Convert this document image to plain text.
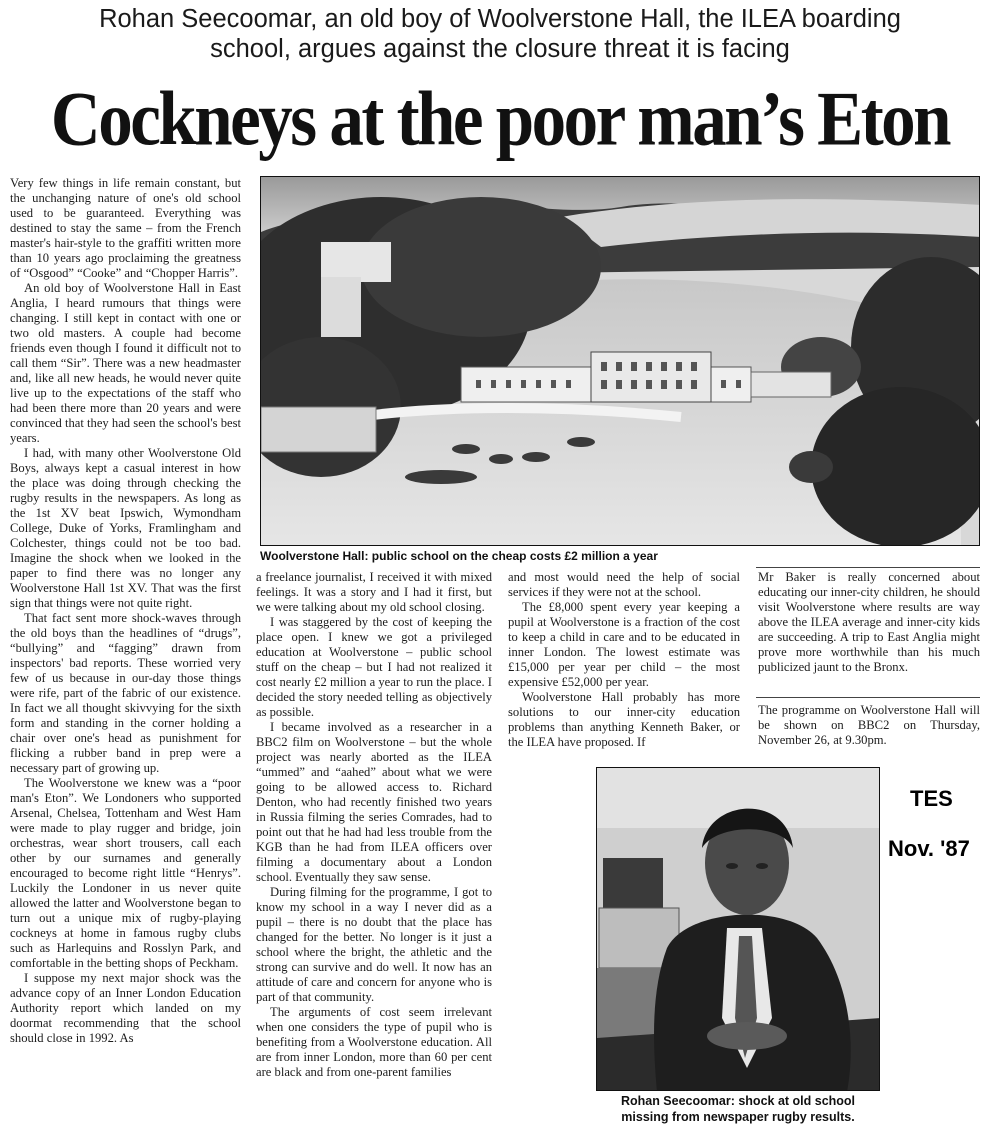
Rohan Seecoomar, an old boy of Woolverstone Hall, the ILEA boarding
school, argues against the closure threat it is facing
Cockneys at the poor man’s Eton

Very few things in life remain constant, but the unchanging nature of one's old school used to be guaranteed. Everything was destined to stay the same – from the French master's hair-style to the graffiti written more than 10 years ago proclaiming the greatness of “Osgood” “Cooke” and “Chopper Harris”.

An old boy of Woolverstone Hall in East Anglia, I heard rumours that things were changing. I still kept in contact with one or two old masters. A couple had become friends even though I found it difficult not to call them “Sir”. There was a new headmaster and, like all new heads, he would never quite live up to the expectations of the staff who had been there more than 20 years and were convinced that they had seen the school's best years.

I had, with many other Woolverstone Old Boys, always kept a casual interest in how the place was doing through checking the rugby results in the newspapers. As long as the 1st XV beat Ipswich, Wymondham College, Duke of Yorks, Framlingham and Colchester, things could not be too bad. Imagine the shock when we looked in the paper to find there was no longer any Woolverstone Hall 1st XV. That was the first sign that things were not quite right.

That fact sent more shock-waves through the old boys than the headlines of “drugs”, “bullying” and “fagging” drawn from inspectors' bad reports. These worried very few of us because in our-day those things were rife, part of the fabric of our existence. In fact we all thought skivvying for the sixth form and standing in the corner holding a chair over one's head as punishment for flicking a rubber band in prep were a necessary part of growing up.

The Woolverstone we knew was a “poor man's Eton”. We Londoners who supported Arsenal, Chelsea, Tottenham and West Ham were made to play rugger and bridge, join orchestras, wear short trousers, call each other by our surnames and generally encouraged to become right little “Henrys”. Luckily the Londoner in us never quite allowed the latter and Woolverstone began to turn out a unique mix of rugby-playing cockneys at home in famous rugby clubs such as Harlequins and Rosslyn Park, and comfortable in the betting shops of Peckham.

I suppose my next major shock was the advance copy of an Inner London Education Authority report which landed on my doormat recommending that the school should close in 1992. As

Woolverstone Hall: public school on the cheap costs £2 million a year

a freelance journalist, I received it with mixed feelings. It was a story and I had it first, but we were talking about my old school closing.

I was staggered by the cost of keeping the place open. I knew we got a privileged education at Woolverstone – public school stuff on the cheap – but I had not realized it cost nearly £2 million a year to run the place. I decided the story needed telling as objectively as possible.

I became involved as a researcher in a BBC2 film on Woolverstone – but the whole project was nearly aborted as the ILEA “ummed” and “aahed” about what we were going to be allowed access to. Richard Denton, who had recently finished two years in Russia filming the series Comrades, had to point out that he had had less trouble from the KGB than he had from ILEA officers over filming a documentary about a London school. Eventually they saw sense.

During filming for the programme, I got to know my school in a way I never did as a pupil – there is no doubt that the place has changed for the better. No longer is it just a school where the bright, the athletic and the strong can survive and do well. It now has an attitude of care and concern for anyone who is part of that community.

The arguments of cost seem irrelevant when one considers the type of pupil who is benefiting from a Woolverstone education. All are from inner London, more than 60 per cent are black and from one-parent families

and most would need the help of social services if they were not at the school.

The £8,000 spent every year keeping a pupil at Woolverstone is a fraction of the cost to keep a child in care and to be educated in inner London. The lowest estimate was £15,000 per year per child – the most expensive £52,000 per year.

Woolverstone Hall probably has more solutions to our inner-city education problems than anything Kenneth Baker, or the ILEA have proposed. If

Mr Baker is really concerned about educating our inner-city children, he should visit Woolverstone where results are way above the ILEA average and inner-city kids are succeeding. A trip to East Anglia might prove more worthwhile than his much publicized jaunt to the Bronx.

The programme on Woolverstone Hall will be shown on BBC2 on Thursday, November 26, at 9.30pm.

Rohan Seecoomar: shock at old school
missing from newspaper rugby results.
TES
Nov. '87
